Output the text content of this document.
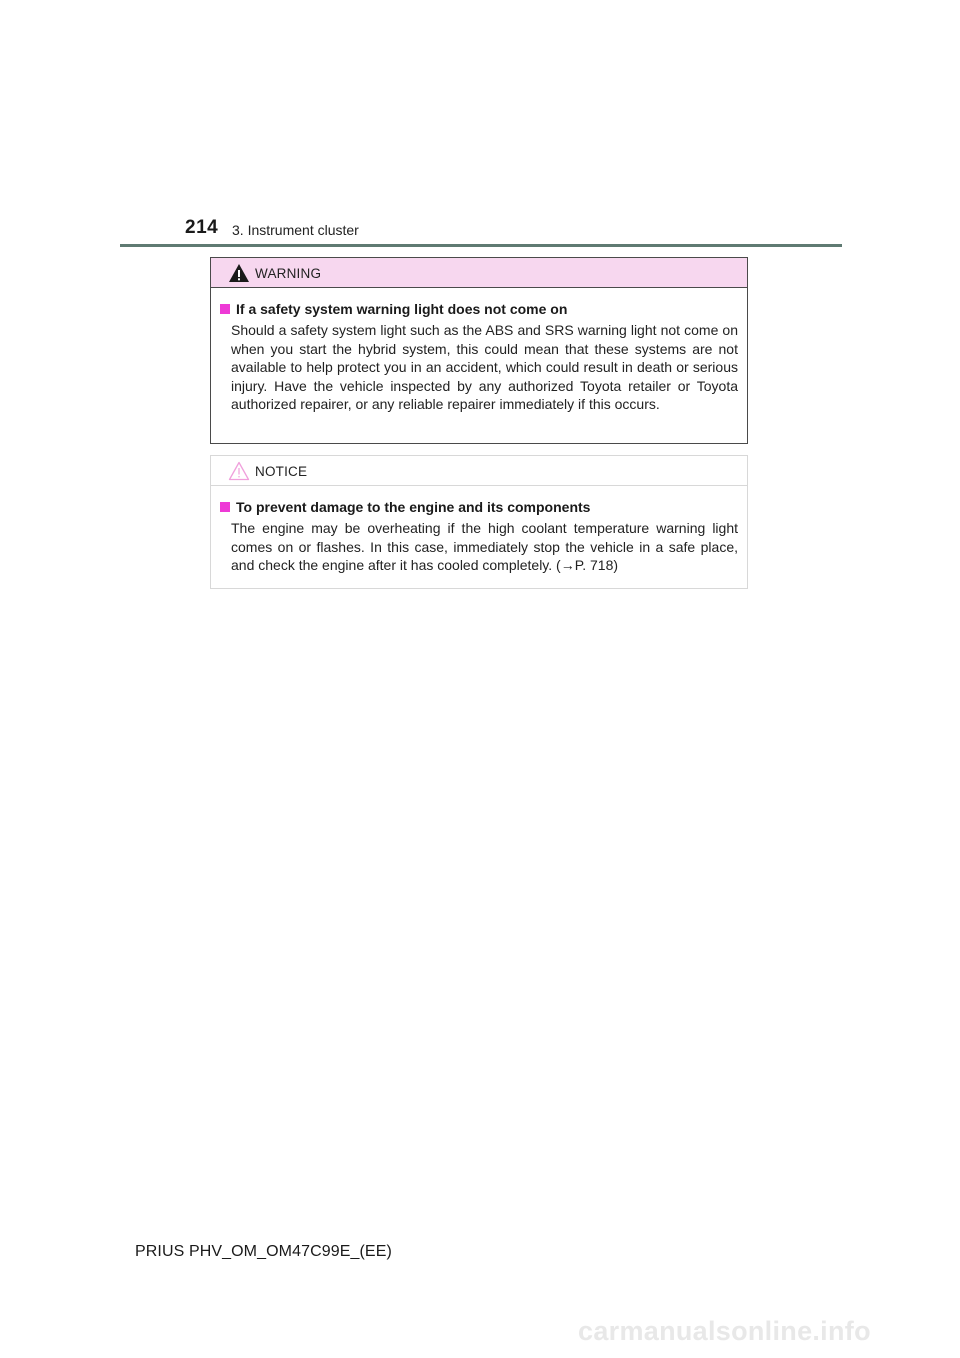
214 3. Instrument cluster
WARNING
If a safety system warning light does not come on

Should a safety system light such as the ABS and SRS warning light not come on when you start the hybrid system, this could mean that these systems are not available to help protect you in an accident, which could result in death or serious injury. Have the vehicle inspected by any authorized Toyota retailer or Toyota authorized repairer, or any reliable repairer immediately if this occurs.

NOTICE
To prevent damage to the engine and its components

The engine may be overheating if the high coolant temperature warning light comes on or flashes. In this case, immediately stop the vehicle in a safe place, and check the engine after it has cooled completely. (→P. 718)

PRIUS PHV_OM_OM47C99E_(EE)
carmanualsonline.info
